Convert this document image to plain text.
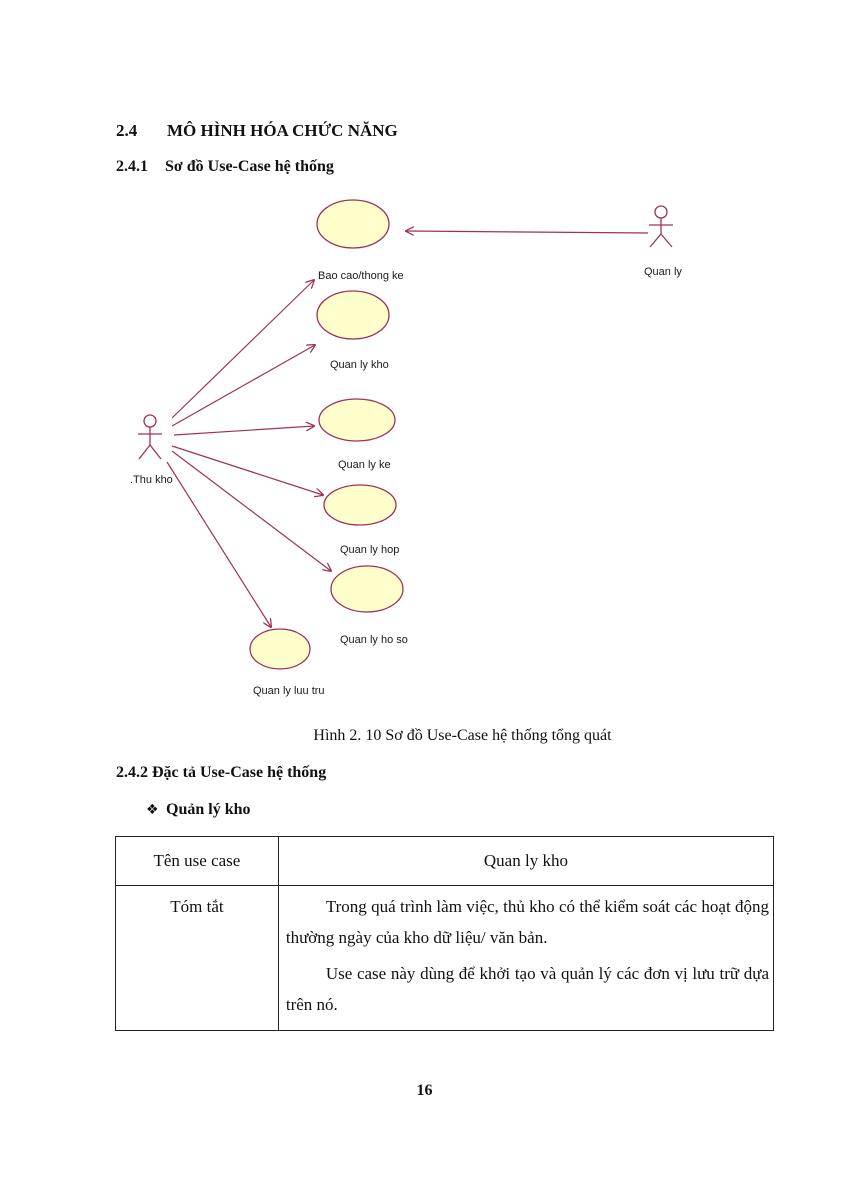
2.4 MÔ HÌNH HÓA CHỨC NĂNG
2.4.1 Sơ đồ Use-Case hệ thống
Bao cao/thong ke
Quan ly kho
Quan ly ke
Quan ly hop
Quan ly ho so
Quan ly luu tru
.Thu kho
Quan ly
Hình 2. 10 Sơ đồ Use-Case hệ thống tổng quát
2.4.2 Đặc tả Use-Case hệ thống
❖ Quản lý kho
Tên use case	Quan ly kho
Tóm tắt	Trong quá trình làm việc, thủ kho có thể kiểm soát các hoạt động thường ngày của kho dữ liệu/ văn bản.

Use case này dùng để khởi tạo và quản lý các đơn vị lưu trữ dựa trên nó.

16
